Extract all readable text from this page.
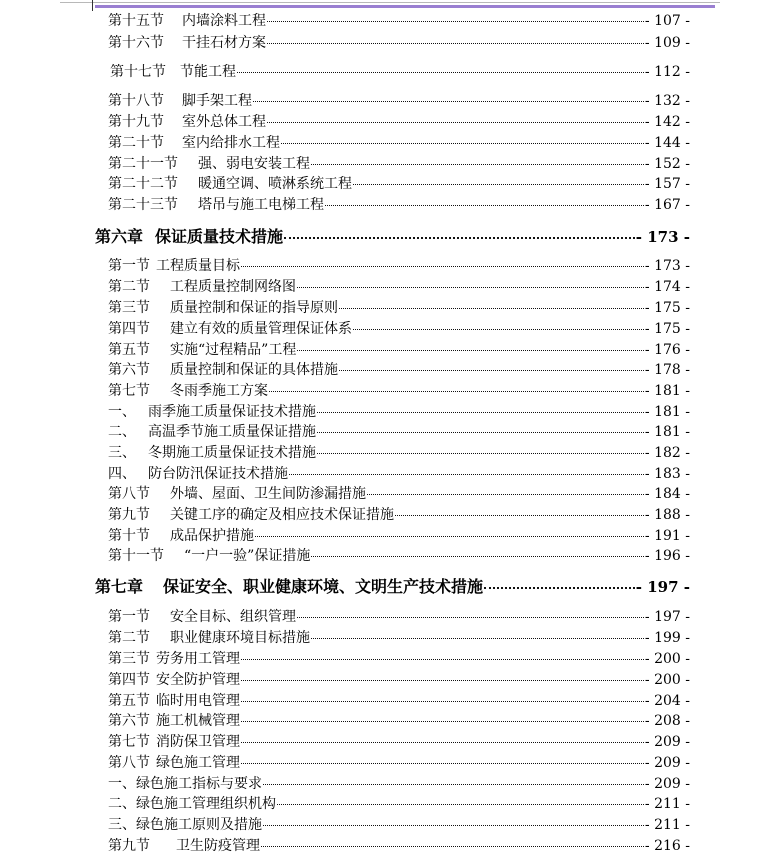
第十五节 内墙涂料工程	- 107 -
第十六节 干挂石材方案	- 109 -
第十七节 节能工程	- 112 -
第十八节 脚手架工程	- 132 -
第十九节 室外总体工程	- 142 -
第二十节 室内给排水工程	- 144 -
第二十一节 强、弱电安装工程	- 152 -
第二十二节 暖通空调、喷淋系统工程	- 157 -
第二十三节 塔吊与施工电梯工程	- 167 -
第六章 保证质量技术措施	- 173 -
第一节 工程质量目标	- 173 -
第二节 工程质量控制网络图	- 174 -
第三节 质量控制和保证的指导原则	- 175 -
第四节 建立有效的质量管理保证体系	- 175 -
第五节 实施“过程精品”工程	- 176 -
第六节 质量控制和保证的具体措施	- 178 -
第七节 冬雨季施工方案	- 181 -
一、 雨季施工质量保证技术措施	- 181 -
二、 高温季节施工质量保证措施	- 181 -
三、 冬期施工质量保证技术措施	- 182 -
四、 防台防汛保证技术措施	- 183 -
第八节 外墙、屋面、卫生间防渗漏措施	- 184 -
第九节 关键工序的确定及相应技术保证措施	- 188 -
第十节 成品保护措施	- 191 -
第十一节 “一户一验”保证措施	- 196 -
第七章 保证安全、职业健康环境、文明生产技术措施	- 197 -
第一节 安全目标、组织管理	- 197 -
第二节 职业健康环境目标措施	- 199 -
第三节 劳务用工管理	- 200 -
第四节 安全防护管理	- 200 -
第五节 临时用电管理	- 204 -
第六节 施工机械管理	- 208 -
第七节 消防保卫管理	- 209 -
第八节 绿色施工管理	- 209 -
一、 绿色施工指标与要求	- 209 -
二、 绿色施工管理组织机构	- 211 -
三、 绿色施工原则及措施	- 211 -
第九节 卫生防疫管理	- 216 -
